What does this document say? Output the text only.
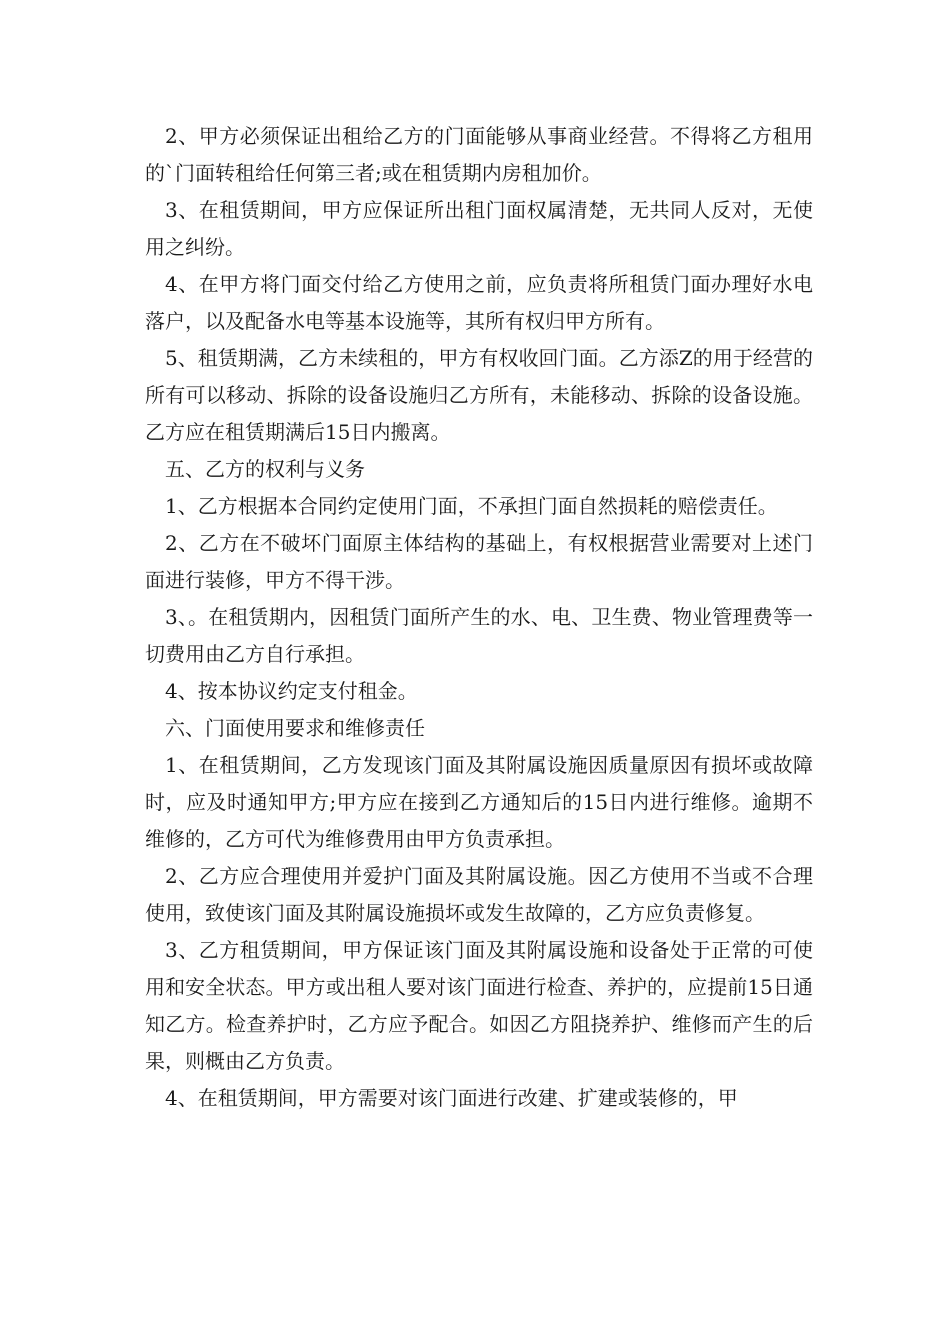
2、甲方必须保证出租给乙方的门面能够从事商业经营。不得将乙方租用的`门面转租给任何第三者;或在租赁期内房租加价。

3、在租赁期间，甲方应保证所出租门面权属清楚，无共同人反对，无使用之纠纷。

4、在甲方将门面交付给乙方使用之前，应负责将所租赁门面办理好水电落户，以及配备水电等基本设施等，其所有权归甲方所有。

5、租赁期满，乙方未续租的，甲方有权收回门面。乙方添Z的用于经营的所有可以移动、拆除的设备设施归乙方所有，未能移动、拆除的设备设施。乙方应在租赁期满后15日内搬离。

五、乙方的权利与义务

1、乙方根据本合同约定使用门面，不承担门面自然损耗的赔偿责任。

2、乙方在不破坏门面原主体结构的基础上，有权根据营业需要对上述门面进行装修，甲方不得干涉。

3、。在租赁期内，因租赁门面所产生的水、电、卫生费、物业管理费等一切费用由乙方自行承担。

4、按本协议约定支付租金。

六、门面使用要求和维修责任

1、在租赁期间，乙方发现该门面及其附属设施因质量原因有损坏或故障时，应及时通知甲方;甲方应在接到乙方通知后的15日内进行维修。逾期不维修的，乙方可代为维修费用由甲方负责承担。

2、乙方应合理使用并爱护门面及其附属设施。因乙方使用不当或不合理使用，致使该门面及其附属设施损坏或发生故障的，乙方应负责修复。

3、乙方租赁期间，甲方保证该门面及其附属设施和设备处于正常的可使用和安全状态。甲方或出租人要对该门面进行检查、养护的，应提前15日通知乙方。检查养护时，乙方应予配合。如因乙方阻挠养护、维修而产生的后果，则概由乙方负责。

4、在租赁期间，甲方需要对该门面进行改建、扩建或装修的，甲
